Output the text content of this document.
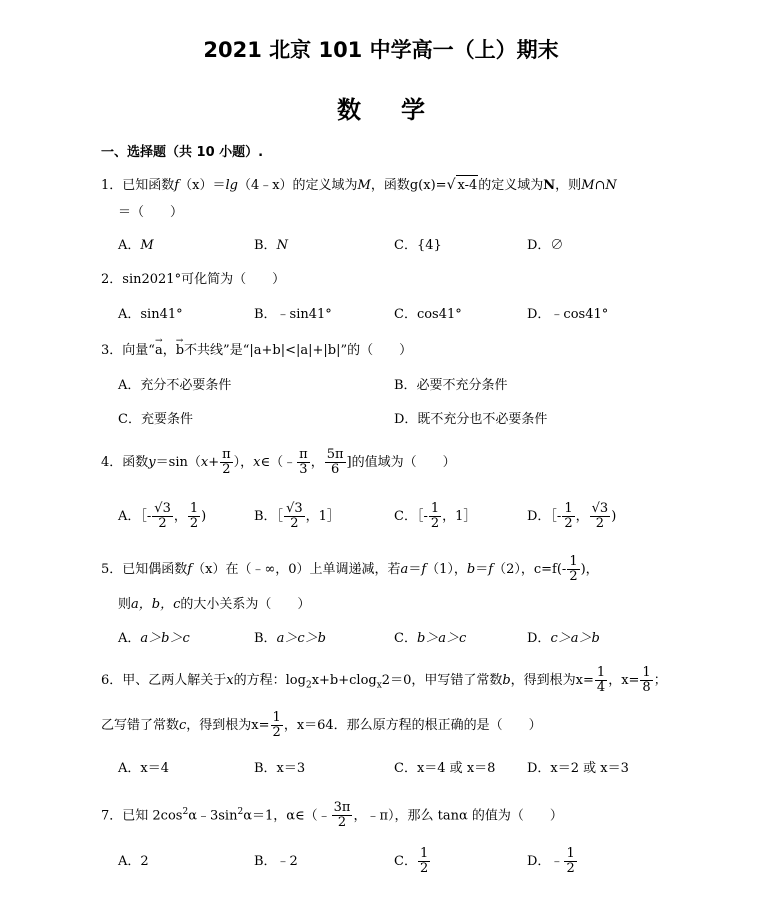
2021 北京 101 中学高一（上）期末
数学
一、选择题（共 10 小题）.
1．已知函数f（x）＝lg（4﹣x）的定义域为M，函数g(x)=√ x-4的定义域为N，则M∩N
＝（　　）
A．M	B．N	C．{4}	D．∅
2．sin2021°可化简为（　　）
A．sin41°	B．﹣sin41°	C．cos41°	D．﹣cos41°
3．向量“→ a，→ b不共线”是“|a+b|<|a|+|b|”的（　　）
A．充分不必要条件	B．必要不充分条件
C．充要条件	D．既不充分也不必要条件
4．函数$y=\sin(x+ \frac{\pi}{2}$ ），x∈（﹣ $\frac{\pi}{3}$ ， $\frac{5\pi}{6}$ ]的值域为（　　）
A．［- $\frac{√3}{2}$ ， $\frac{1}{2}$ )	B．［ $\frac{√3}{2}$ ，1］	C．［- $\frac{1}{2}$ ，1］	D．［- $\frac{1}{2}$ ， $\frac{√3}{2}$ )
5．已知偶函数f（x）在（﹣∞，0）上单调递减，若a＝f（1），b＝f（2），$c=f(- \frac{1}{2}$ )，
则a，b，c的大小关系为（　　）
A．a＞b＞c	B．a＞c＞b	C．b＞a＞c	D．c＞a＞b
6．甲、乙两人解关于x的方程：$\log_2x+b+clog_x2=0$，甲写错了常数b，得到根为$x= \frac{1}{4}$ ，$x= \frac{1}{8}$ ；
乙写错了常数c，得到根为$x= \frac{1}{2}$ ，x＝64．那么原方程的根正确的是（　　）
A．x＝4	B．x＝3	C．x＝4 或 x＝8 D．x＝2 或 x＝3
7．已知 $2\cos^2\alpha﹣3\sin^2\alpha=1$，α∈（﹣ $\frac{3\pi}{2}$ ，﹣π），那么 tanα 的值为（　　）
A．2	B．﹣2	C． $\frac{1}{2}$	D．﹣ $\frac{1}{2}$
